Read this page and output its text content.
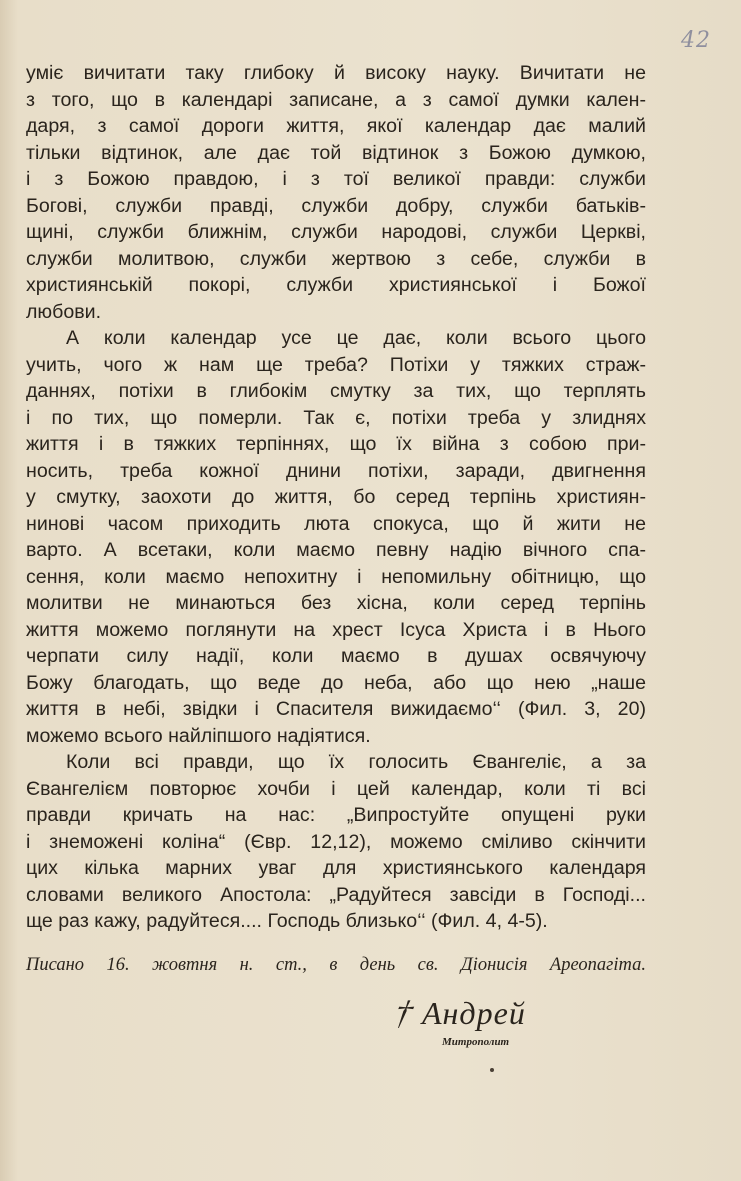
42
уміє вичитати таку глибоку й високу науку. Вичитати не
з того, що в календарі записане, а з самої думки кален-
даря, з самої дороги життя, якої календар дає малий
тільки відтинок, але дає той відтинок з Божою думкою,
і з Божою правдою, і з тої великої правди: служби
Богові, служби правді, служби добру, служби батьків-
щині, служби ближнім, служби народові, служби Церкві,
служби молитвою, служби жертвою з себе, служби в
християнській покорі, служби християнської і Божої
любови.
А коли календар усе це дає, коли всього цього
учить, чого ж нам ще треба? Потіхи у тяжких страж-
даннях, потіхи в глибокім смутку за тих, що терплять
і по тих, що померли. Так є, потіхи треба у злиднях
життя і в тяжких терпіннях, що їх війна з собою при-
носить, треба кожної днини потіхи, заради, двигнення
у смутку, заохоти до життя, бо серед терпінь християн-
нинові часом приходить люта спокуса, що й жити не
варто. А всетаки, коли маємо певну надію вічного спа-
сення, коли маємо непохитну і непомильну обітницю, що
молитви не минаються без хісна, коли серед терпінь
життя можемо поглянути на хрест Ісуса Христа і в Нього
черпати силу надії, коли маємо в душах освячуючу
Божу благодать, що веде до неба, або що нею „наше
життя в небі, звідки і Спасителя вижидаємо‘‘ (Фил. 3, 20)
можемо всього найліпшого надіятися.
Коли всі правди, що їх голосить Євангеліє, а за
Євангелієм повторює хочби і цей календар, коли ті всі
правди кричать на нас: „Випростуйте опущені руки
і знеможені коліна“ (Євр. 12,12), можемо сміливо скінчити
цих кілька марних уваг для християнського календаря
словами великого Апостола: „Радуйтеся завсіди в Господі...
ще раз кажу, радуйтеся.... Господь близько‘‘ (Фил. 4, 4-5).
Писано 16. жовтня н. ст., в день св. Діонисія Ареопагіта.
† Андрей
Митрополит
